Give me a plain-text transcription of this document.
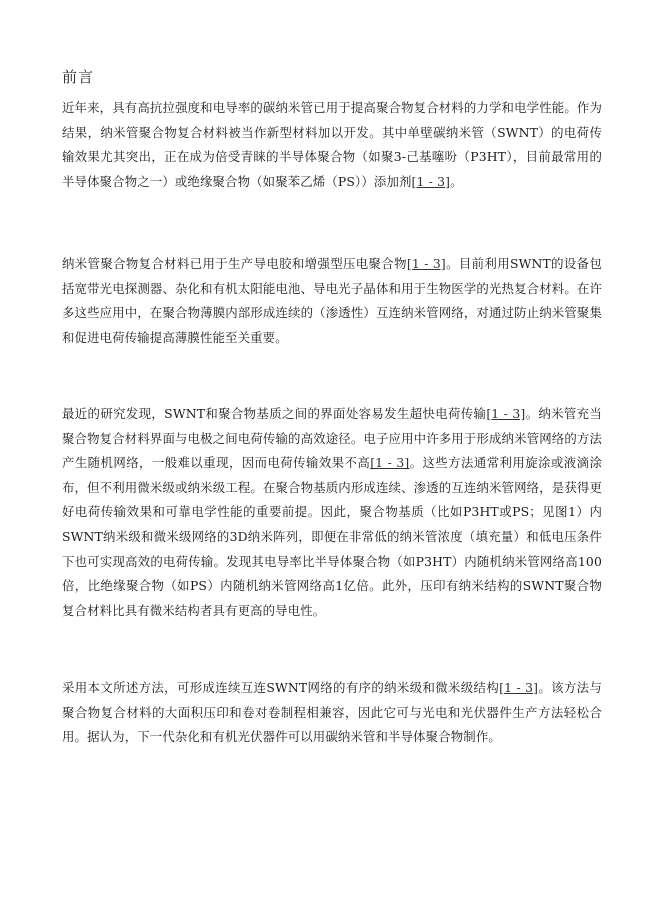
前言

近年来，具有高抗拉强度和电导率的碳纳米管已用于提高聚合物复合材料的力学和电学性能。作为结果，纳米管聚合物复合材料被当作新型材料加以开发。其中单壁碳纳米管（SWNT）的电荷传输效果尤其突出，正在成为倍受青睐的半导体聚合物（如聚3-己基噻吩（P3HT），目前最常用的半导体聚合物之一）或绝缘聚合物（如聚苯乙烯（PS））添加剂[1 - 3]。

纳米管聚合物复合材料已用于生产导电胶和增强型压电聚合物[1 - 3]。目前利用SWNT的设备包括宽带光电探测器、杂化和有机太阳能电池、导电光子晶体和用于生物医学的光热复合材料。在许多这些应用中，在聚合物薄膜内部形成连续的（渗透性）互连纳米管网络，对通过防止纳米管聚集和促进电荷传输提高薄膜性能至关重要。

最近的研究发现，SWNT和聚合物基质之间的界面处容易发生超快电荷传输[1 - 3]。纳米管充当聚合物复合材料界面与电极之间电荷传输的高效途径。电子应用中许多用于形成纳米管网络的方法产生随机网络，一般难以重现，因而电荷传输效果不高[1 - 3]。这些方法通常利用旋涂或液滴涂布，但不利用微米级或纳米级工程。在聚合物基质内形成连续、渗透的互连纳米管网络，是获得更好电荷传输效果和可靠电学性能的重要前提。因此，聚合物基质（比如P3HT或PS；见图1）内SWNT纳米级和微米级网络的3D纳米阵列，即便在非常低的纳米管浓度（填充量）和低电压条件下也可实现高效的电荷传输。发现其电导率比半导体聚合物（如P3HT）内随机纳米管网络高100倍，比绝缘聚合物（如PS）内随机纳米管网络高1亿倍。此外，压印有纳米结构的SWNT聚合物复合材料比具有微米结构者具有更高的导电性。

采用本文所述方法，可形成连续互连SWNT网络的有序的纳米级和微米级结构[1 - 3]。该方法与聚合物复合材料的大面积压印和卷对卷制程相兼容，因此它可与光电和光伏器件生产方法轻松合用。据认为，下一代杂化和有机光伏器件可以用碳纳米管和半导体聚合物制作。
